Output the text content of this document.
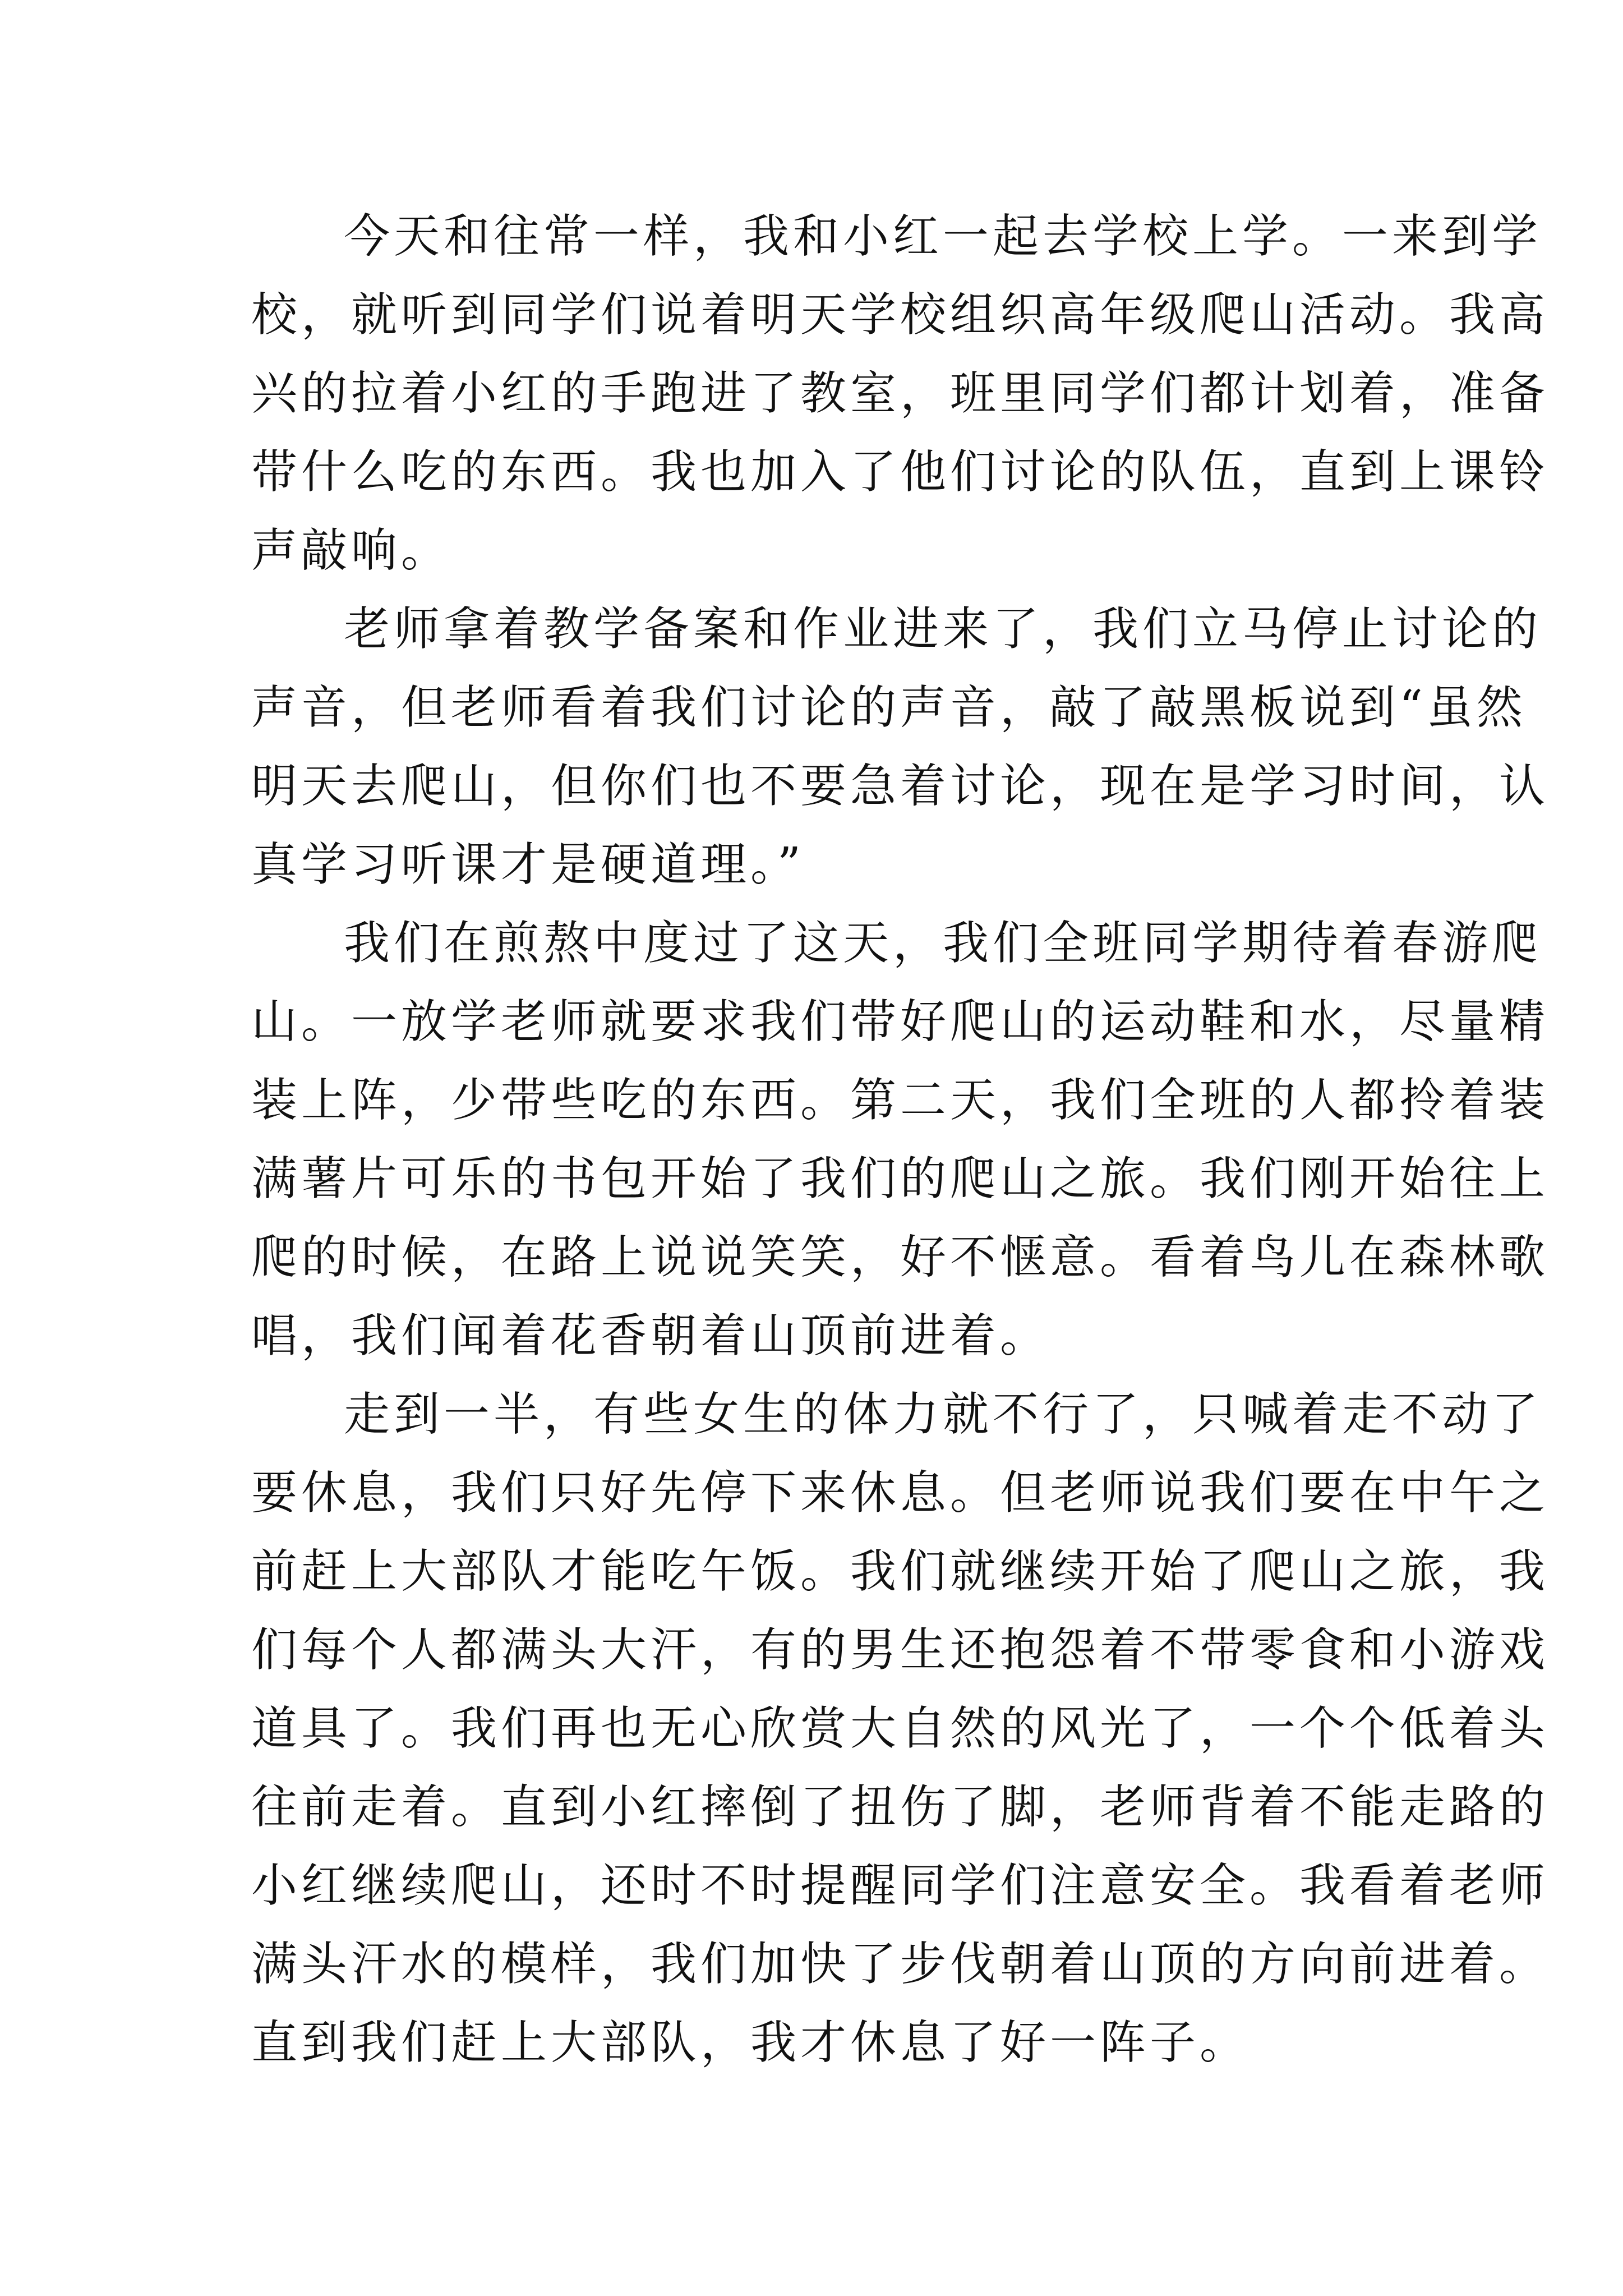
今天和往常一样，我和小红一起去学校上学。一来到学
校，就听到同学们说着明天学校组织高年级爬山活动。我高
兴的拉着小红的手跑进了教室，班里同学们都计划着，准备
带什么吃的东西。我也加入了他们讨论的队伍，直到上课铃
声敲响。
老师拿着教学备案和作业进来了，我们立马停止讨论的
声音，但老师看着我们讨论的声音，敲了敲黑板说到“虽然
明天去爬山，但你们也不要急着讨论，现在是学习时间，认
真学习听课才是硬道理。”
我们在煎熬中度过了这天，我们全班同学期待着春游爬
山。一放学老师就要求我们带好爬山的运动鞋和水，尽量精
装上阵，少带些吃的东西。第二天，我们全班的人都拎着装
满薯片可乐的书包开始了我们的爬山之旅。我们刚开始往上
爬的时候，在路上说说笑笑，好不惬意。看着鸟儿在森林歌
唱，我们闻着花香朝着山顶前进着。
走到一半，有些女生的体力就不行了，只喊着走不动了
要休息，我们只好先停下来休息。但老师说我们要在中午之
前赶上大部队才能吃午饭。我们就继续开始了爬山之旅，我
们每个人都满头大汗，有的男生还抱怨着不带零食和小游戏
道具了。我们再也无心欣赏大自然的风光了，一个个低着头
往前走着。直到小红摔倒了扭伤了脚，老师背着不能走路的
小红继续爬山，还时不时提醒同学们注意安全。我看着老师
满头汗水的模样，我们加快了步伐朝着山顶的方向前进着。
直到我们赶上大部队，我才休息了好一阵子。
